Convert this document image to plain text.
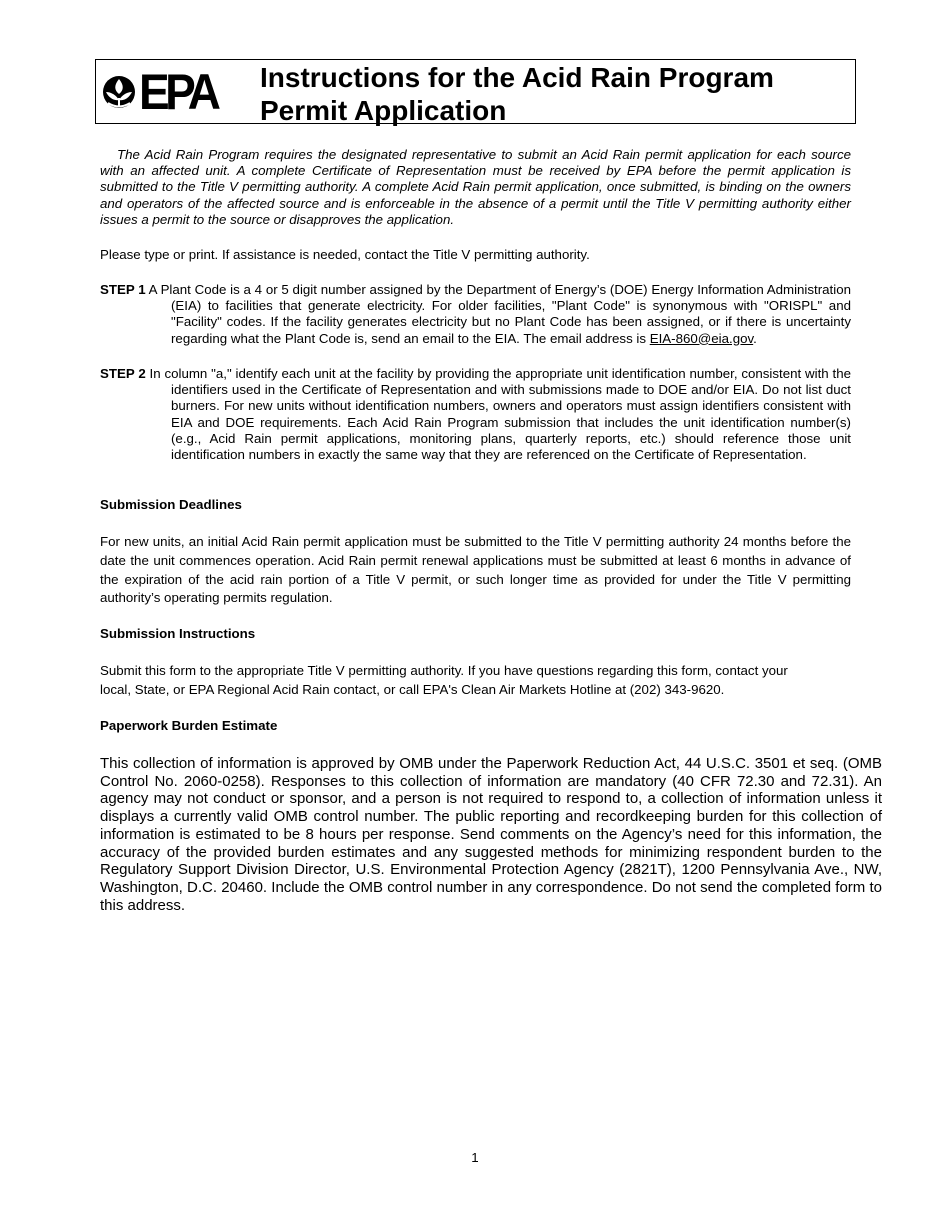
EPA Instructions for the Acid Rain Program
Permit Application

The Acid Rain Program requires the designated representative to submit an Acid Rain permit application for each source with an affected unit. A complete Certificate of Representation must be received by EPA before the permit application is submitted to the Title V permitting authority. A complete Acid Rain permit application, once submitted, is binding on the owners and operators of the affected source and is enforceable in the absence of a permit until the Title V permitting authority either issues a permit to the source or disapproves the application.

Please type or print. If assistance is needed, contact the Title V permitting authority.

STEP 1 A Plant Code is a 4 or 5 digit number assigned by the Department of Energy’s (DOE) Energy Information Administration (EIA) to facilities that generate electricity. For older facilities, "Plant Code" is synonymous with "ORISPL" and "Facility" codes. If the facility generates electricity but no Plant Code has been assigned, or if there is uncertainty regarding what the Plant Code is, send an email to the EIA. The email address is EIA-860@eia.gov.

STEP 2 In column "a," identify each unit at the facility by providing the appropriate unit identification number, consistent with the identifiers used in the Certificate of Representation and with submissions made to DOE and/or EIA. Do not list duct burners. For new units without identification numbers, owners and operators must assign identifiers consistent with EIA and DOE requirements. Each Acid Rain Program submission that includes the unit identification number(s) (e.g., Acid Rain permit applications, monitoring plans, quarterly reports, etc.) should reference those unit identification numbers in exactly the same way that they are referenced on the Certificate of Representation.

Submission Deadlines

For new units, an initial Acid Rain permit application must be submitted to the Title V permitting authority 24 months before the date the unit commences operation. Acid Rain permit renewal applications must be submitted at least 6 months in advance of the expiration of the acid rain portion of a Title V permit, or such longer time as provided for under the Title V permitting authority’s operating permits regulation.

Submission Instructions

Submit this form to the appropriate Title V permitting authority. If you have questions regarding this form, contact your
local, State, or EPA Regional Acid Rain contact, or call EPA's Clean Air Markets Hotline at (202) 343-9620.

Paperwork Burden Estimate

This collection of information is approved by OMB under the Paperwork Reduction Act, 44 U.S.C. 3501 et seq. (OMB Control No. 2060-0258). Responses to this collection of information are mandatory (40 CFR 72.30 and 72.31). An agency may not conduct or sponsor, and a person is not required to respond to, a collection of information unless it displays a currently valid OMB control number. The public reporting and recordkeeping burden for this collection of information is estimated to be 8 hours per response. Send comments on the Agency’s need for this information, the accuracy of the provided burden estimates and any suggested methods for minimizing respondent burden to the Regulatory Support Division Director, U.S. Environmental Protection Agency (2821T), 1200 Pennsylvania Ave., NW, Washington, D.C. 20460. Include the OMB control number in any correspondence. Do not send the completed form to this address.

1
